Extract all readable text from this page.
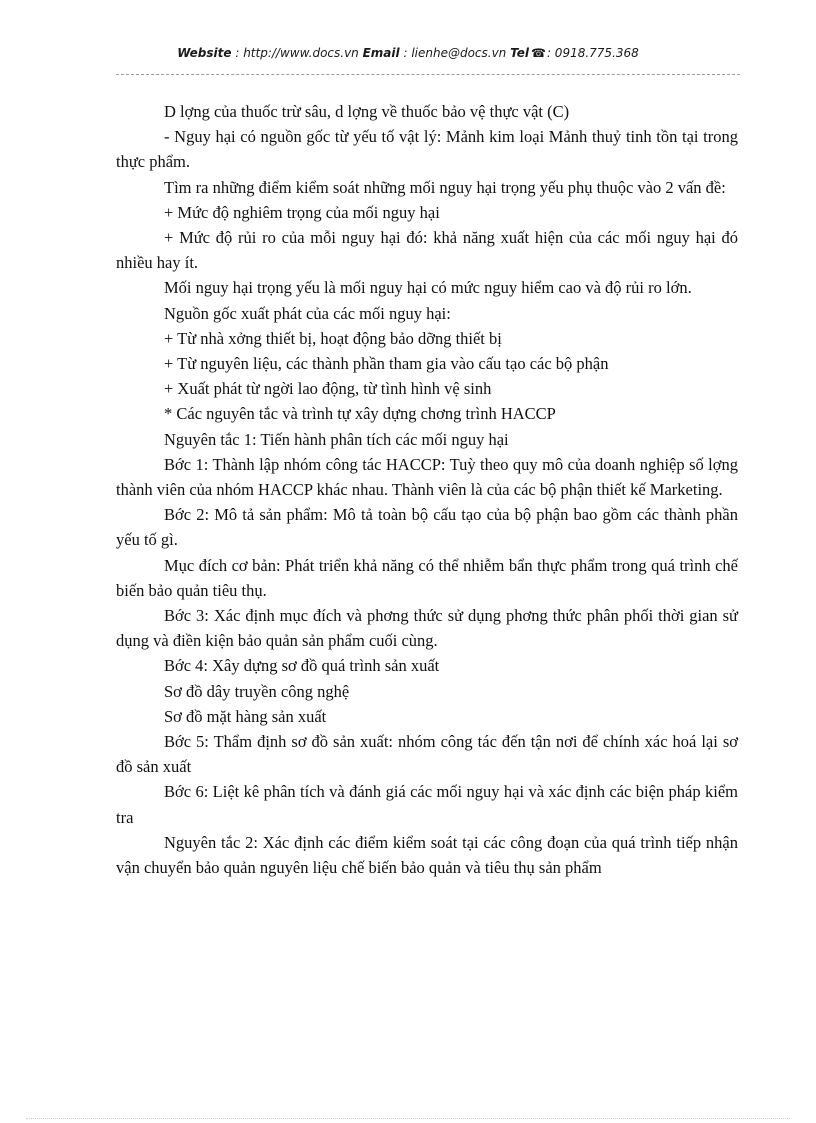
Website : http://www.docs.vn Email : lienhe@docs.vn Tel ☎: 0918.775.368

D lợng của thuốc trừ sâu, d lợng về thuốc bảo vệ thực vật (C)

- Nguy hại có nguồn gốc từ yếu tố vật lý: Mảnh kim loại Mảnh thuỷ tinh tồn tại trong thực phẩm.

Tìm ra những điểm kiểm soát những mối nguy hại trọng yếu phụ thuộc vào 2 vấn đề:

+ Mức độ nghiêm trọng của mối nguy hại

+ Mức độ rủi ro của mỗi nguy hại đó: khả năng xuất hiện của các mối nguy hại đó nhiều hay ít.

Mối nguy hại trọng yếu là mối nguy hại có mức nguy hiểm cao và độ rủi ro lớn.

Nguồn gốc xuất phát của các mối nguy hại:

+ Từ nhà xởng thiết bị, hoạt động bảo dỡng thiết bị

+ Từ nguyên liệu, các thành phần tham gia vào cấu tạo các bộ phận

+ Xuất phát từ ngời lao động, từ tình hình vệ sinh

* Các nguyên tắc và trình tự xây dựng chơng trình HACCP

Nguyên tắc 1: Tiến hành phân tích các mối nguy hại

Bớc 1: Thành lập nhóm công tác HACCP: Tuỳ theo quy mô của doanh nghiệp số lợng thành viên của nhóm HACCP khác nhau. Thành viên là của các bộ phận thiết kế Marketing.

Bớc 2: Mô tả sản phẩm: Mô tả toàn bộ cấu tạo của bộ phận bao gồm các thành phần yếu tố gì.

Mục đích cơ bản: Phát triển khả năng có thể nhiễm bẩn thực phẩm trong quá trình chế biến bảo quản tiêu thụ.

Bớc 3: Xác định mục đích và phơng thức sử dụng phơng thức phân phối thời gian sử dụng và điền kiện bảo quản sản phẩm cuối cùng.

Bớc 4: Xây dựng sơ đồ quá trình sản xuất

Sơ đồ dây truyền công nghệ

Sơ đồ mặt hàng sản xuất

Bớc 5: Thẩm định sơ đồ sản xuất: nhóm công tác đến tận nơi để chính xác hoá lại sơ đồ sản xuất

Bớc 6: Liệt kê phân tích và đánh giá các mối nguy hại và xác định các biện pháp kiểm tra

Nguyên tắc 2: Xác định các điểm kiểm soát tại các công đoạn của quá trình tiếp nhận vận chuyển bảo quản nguyên liệu chế biến bảo quản và tiêu thụ sản phẩm
